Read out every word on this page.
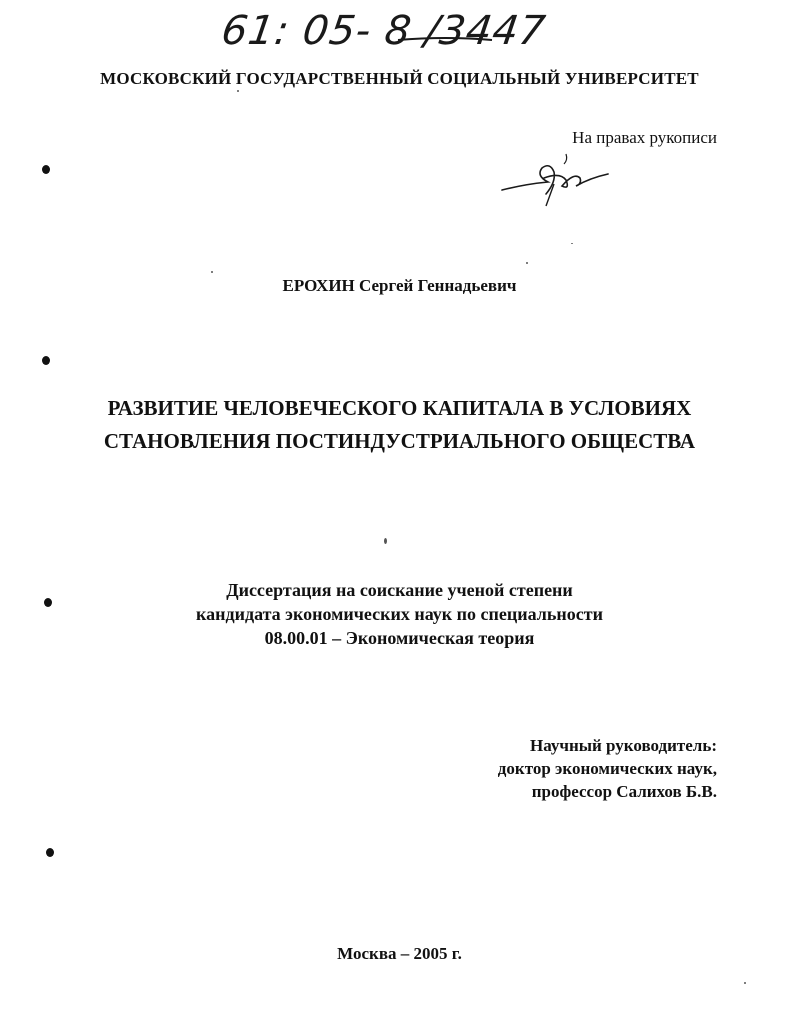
61: 05- 8 /3447
МОСКОВСКИЙ ГОСУДАРСТВЕННЫЙ СОЦИАЛЬНЫЙ УНИВЕРСИТЕТ
На правах рукописи
ЕРОХИН Сергей Геннадьевич
РАЗВИТИЕ ЧЕЛОВЕЧЕСКОГО КАПИТАЛА В УСЛОВИЯХ
СТАНОВЛЕНИЯ ПОСТИНДУСТРИАЛЬНОГО ОБЩЕСТВА
Диссертация на соискание ученой степени
кандидата экономических наук по специальности
08.00.01 – Экономическая теория
Научный руководитель:
доктор экономических наук,
профессор Салихов Б.В.
Москва – 2005 г.
